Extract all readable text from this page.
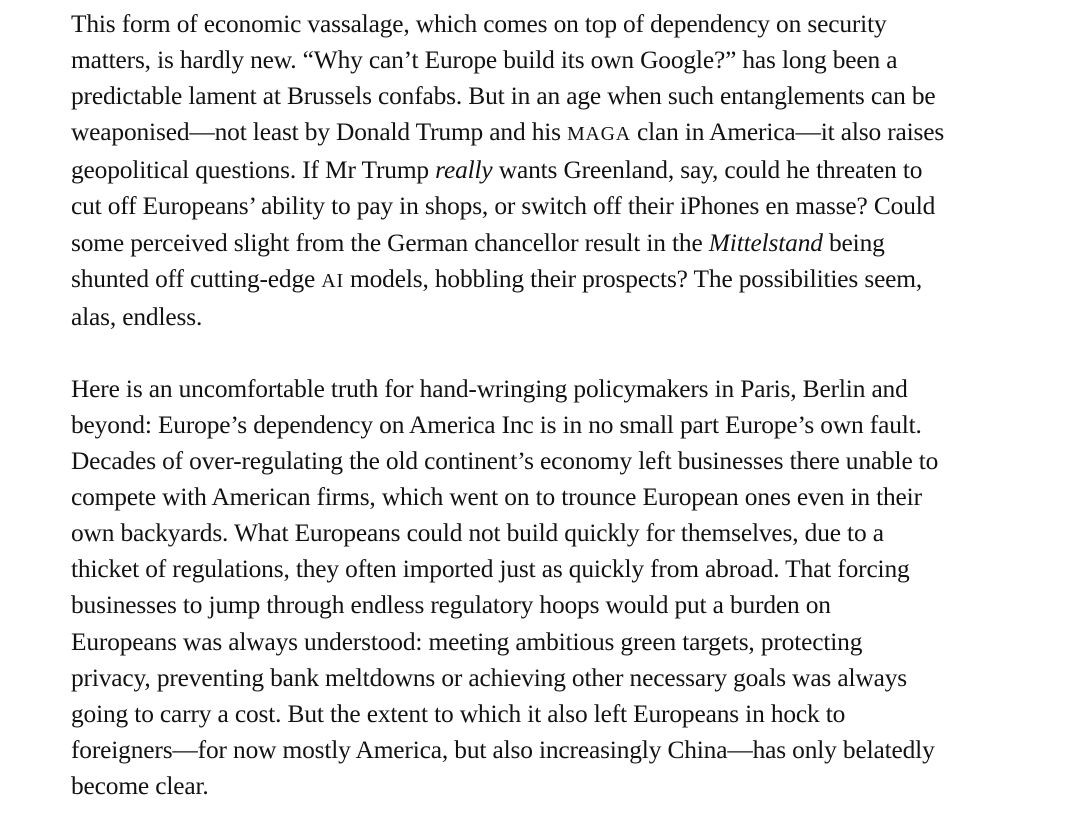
This form of economic vassalage, which comes on top of dependency on security
matters, is hardly new. “Why can’t Europe build its own Google?” has long been a
predictable lament at Brussels confabs. But in an age when such entanglements can be
weaponised—not least by Donald Trump and his MAGA clan in America—it also raises
geopolitical questions. If Mr Trump really wants Greenland, say, could he threaten to
cut off Europeans’ ability to pay in shops, or switch off their iPhones en masse? Could
some perceived slight from the German chancellor result in the Mittelstand being
shunted off cutting-edge AI models, hobbling their prospects? The possibilities seem,
alas, endless.

Here is an uncomfortable truth for hand-wringing policymakers in Paris, Berlin and
beyond: Europe’s dependency on America Inc is in no small part Europe’s own fault.
Decades of over-regulating the old continent’s economy left businesses there unable to
compete with American firms, which went on to trounce European ones even in their
own backyards. What Europeans could not build quickly for themselves, due to a
thicket of regulations, they often imported just as quickly from abroad. That forcing
businesses to jump through endless regulatory hoops would put a burden on
Europeans was always understood: meeting ambitious green targets, protecting
privacy, preventing bank meltdowns or achieving other necessary goals was always
going to carry a cost. But the extent to which it also left Europeans in hock to
foreigners—for now mostly America, but also increasingly China—has only belatedly
become clear.
